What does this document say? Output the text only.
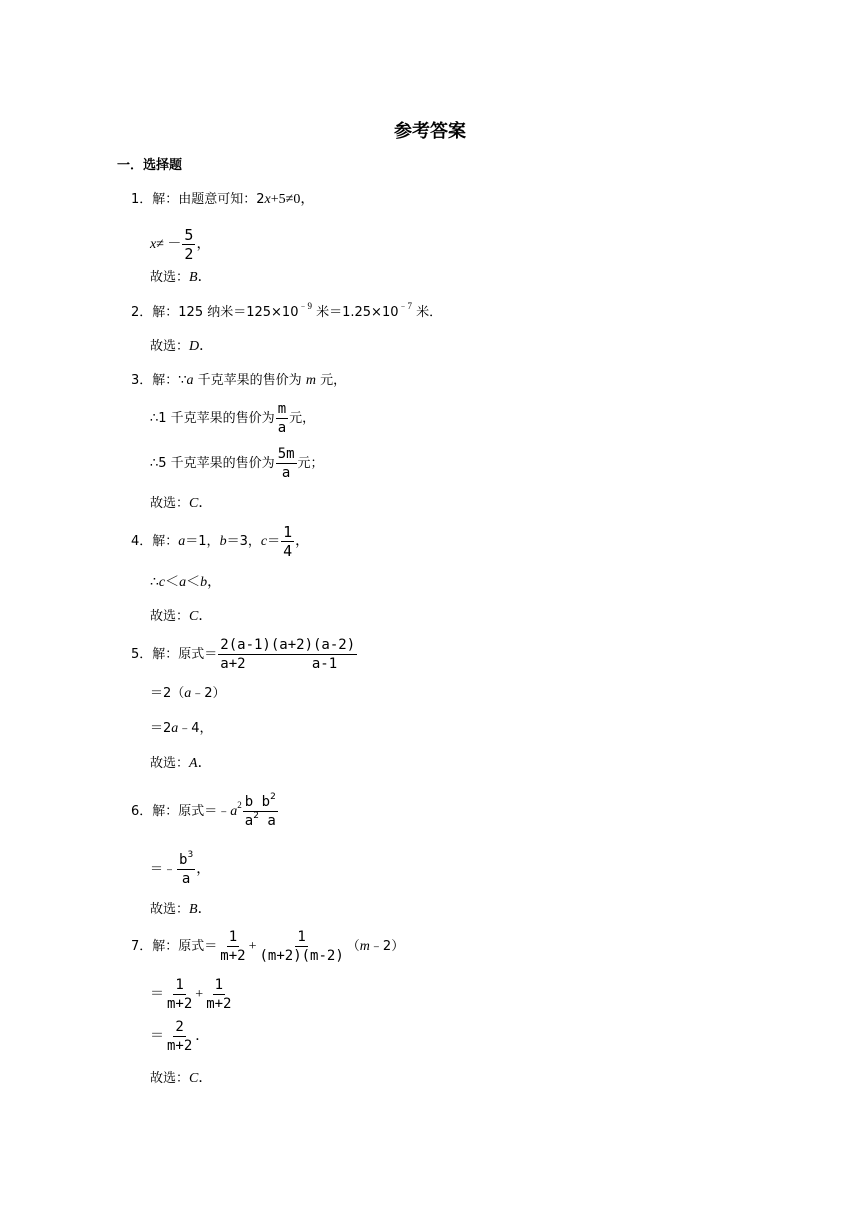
参考答案
一．选择题
1．解：由题意可知：2x+5≠0，
$x\ne - \frac{5}{2}$ ，
故选：B．
2．解：125 纳米$=125\times 10^{﹣9}$ 米$=1.25\times 10^{﹣7}$ 米．
故选：D．
3．解：∵a 千克苹果的售价为 m 元，
∴1 千克苹果的售价为 $\frac{m}{a}$ 元，
∴5 千克苹果的售价为 $\frac{5m}{a}$ 元；
故选：C．
4．解：a＝1，b＝3，$c= \frac{1}{4}$ ，
∴c＜a＜b，
故选：C．
5．解：原式＝ 2(a-1)(a+2)(a-2)
a+2	a-1
＝2（a﹣2）
＝2a﹣4，
故选：A．
6．解：原式$=﹣a^2 \frac{b b^2}{a^2 a}$
＝﹣ $\frac{b^3}{a}$ ，
故选：B．
7．解：原式＝ $\frac{1}{m+2} + \frac{1}{(m+2)(m-2)}$ （m﹣2）
＝ $\frac{1}{m+2} + \frac{1}{m+2}$
＝ $\frac{2}{m+2}$ ．
故选：C．
